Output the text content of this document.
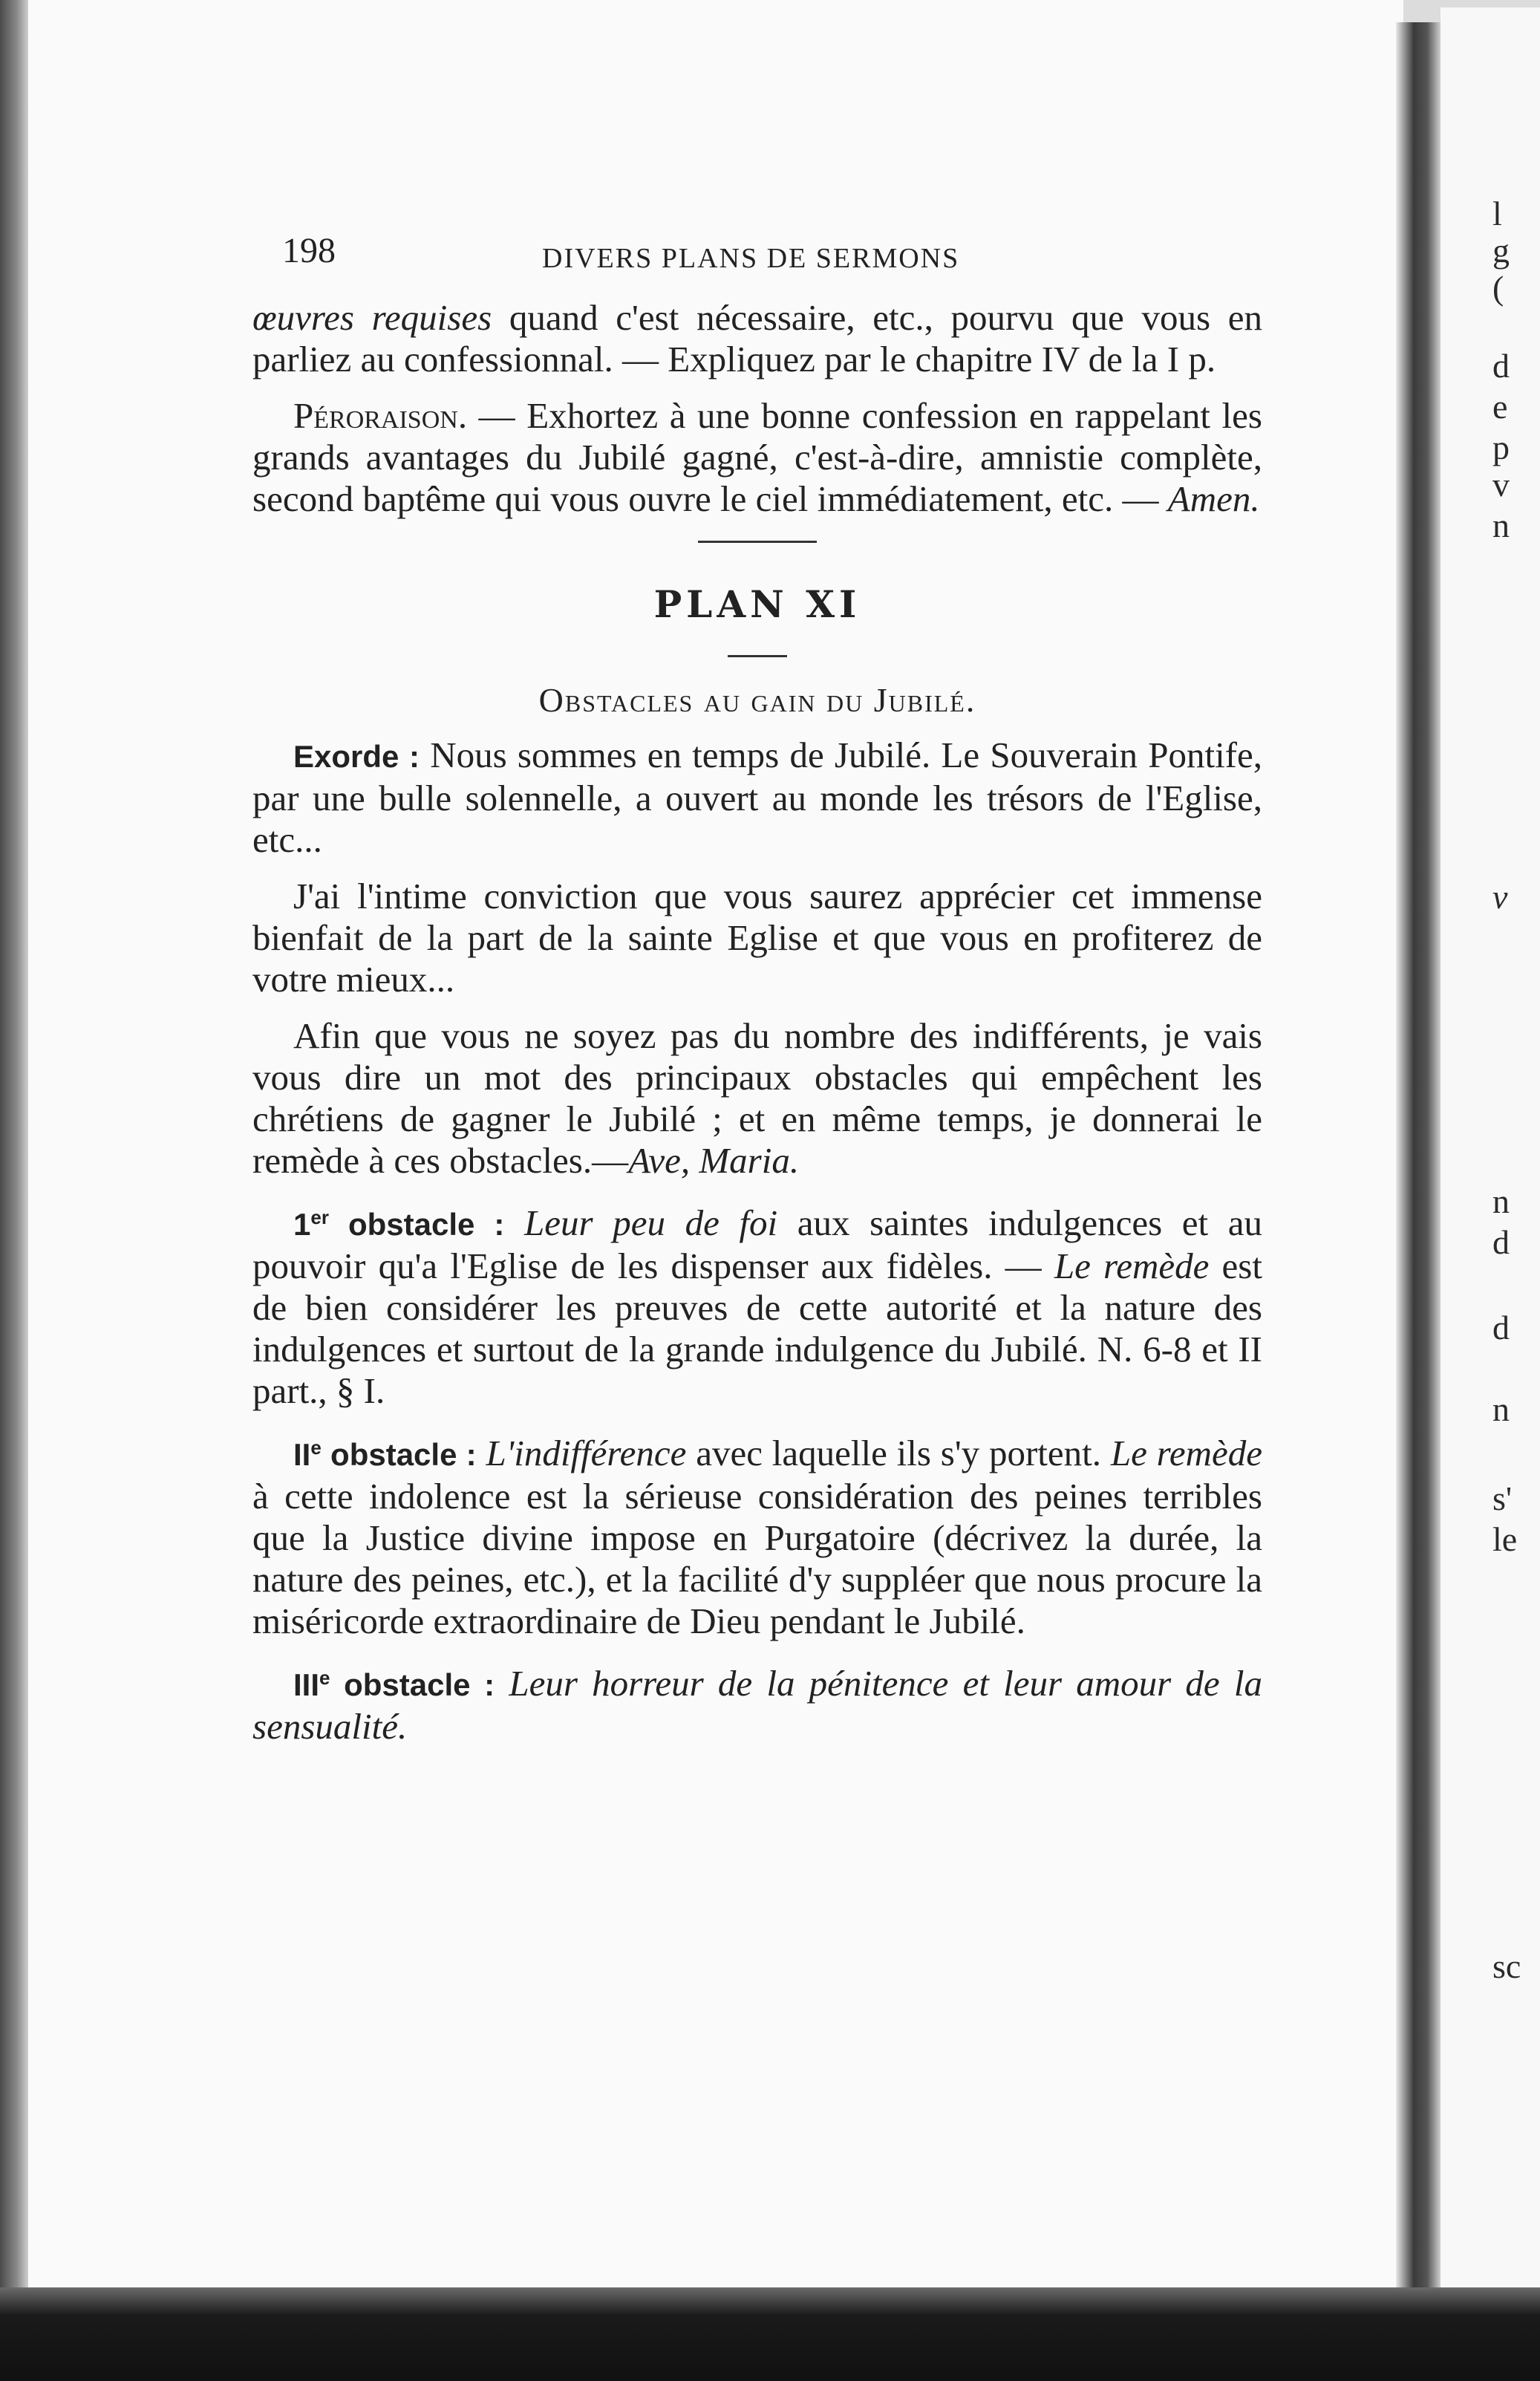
l
g
(
d
e
p
v
n
v
n
d
d
n
s'
le
sc
198	DIVERS PLANS DE SERMONS

œuvres requises quand c'est nécessaire, etc., pourvu que vous en parliez au confessionnal. — Expliquez par le chapitre IV de la I p.

Péroraison. — Exhortez à une bonne confession en rappelant les grands avantages du Jubilé gagné, c'est-à-dire, amnistie complète, second baptême qui vous ouvre le ciel immédiatement, etc. — Amen.

PLAN XI
Obstacles au gain du Jubilé.

Exorde : Nous sommes en temps de Jubilé. Le Souverain Pontife, par une bulle solennelle, a ouvert au monde les trésors de l'Eglise, etc...

J'ai l'intime conviction que vous saurez apprécier cet immense bienfait de la part de la sainte Eglise et que vous en profiterez de votre mieux...

Afin que vous ne soyez pas du nombre des indifférents, je vais vous dire un mot des principaux obstacles qui empêchent les chrétiens de gagner le Jubilé ; et en même temps, je donnerai le remède à ces obstacles.—Ave, Maria.

1er obstacle : Leur peu de foi aux saintes indulgences et au pouvoir qu'a l'Eglise de les dispenser aux fidèles. — Le remède est de bien considérer les preuves de cette autorité et la nature des indulgences et surtout de la grande indulgence du Jubilé. N. 6-8 et II part., § I.

IIe obstacle : L'indifférence avec laquelle ils s'y portent. Le remède à cette indolence est la sérieuse considération des peines terribles que la Justice divine impose en Purgatoire (décrivez la durée, la nature des peines, etc.), et la facilité d'y suppléer que nous procure la miséricorde extraordinaire de Dieu pendant le Jubilé.

IIIe obstacle : Leur horreur de la pénitence et leur amour de la sensualité.
